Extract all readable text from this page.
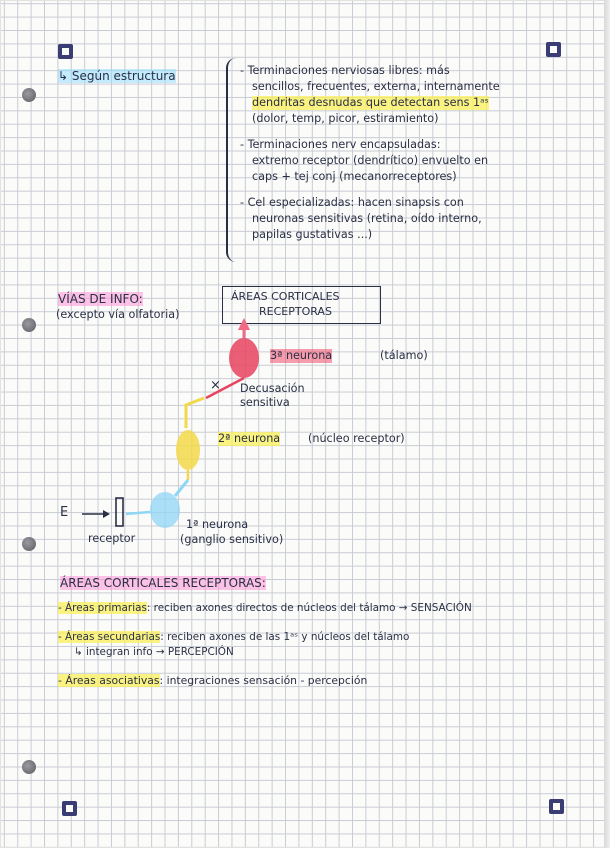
↳ Según estructura	- Terminaciones nerviosas libres: más
sencillos, frecuentes, externa, internamente
dendritas desnudas que detectan sens 1ᵃˢ
(dolor, temp, picor, estiramiento)
- Terminaciones nerv encapsuladas:
extremo receptor (dendrítico) envuelto en
caps + tej conj (mecanorreceptores)
- Cel especializadas: hacen sinapsis con
neuronas sensitivas (retina, oído interno,
papilas gustativas ...)
VÍAS DE INFO:
(excepto vía olfatoria)
ÁREAS CORTICALES
RECEPTORAS
×
3ª neurona	(tálamo)
Decusación
sensitiva
2ª neurona (núcleo receptor)
E
receptor
1ª neurona
(ganglio sensitivo)
ÁREAS CORTICALES RECEPTORAS:
- Áreas primarias: reciben axones directos de núcleos del tálamo → SENSACIÓN
- Áreas secundarias: reciben axones de las 1ᵃˢ y núcleos del tálamo
↳ integran info → PERCEPCIÓN
- Áreas asociativas: integraciones sensación - percepción
